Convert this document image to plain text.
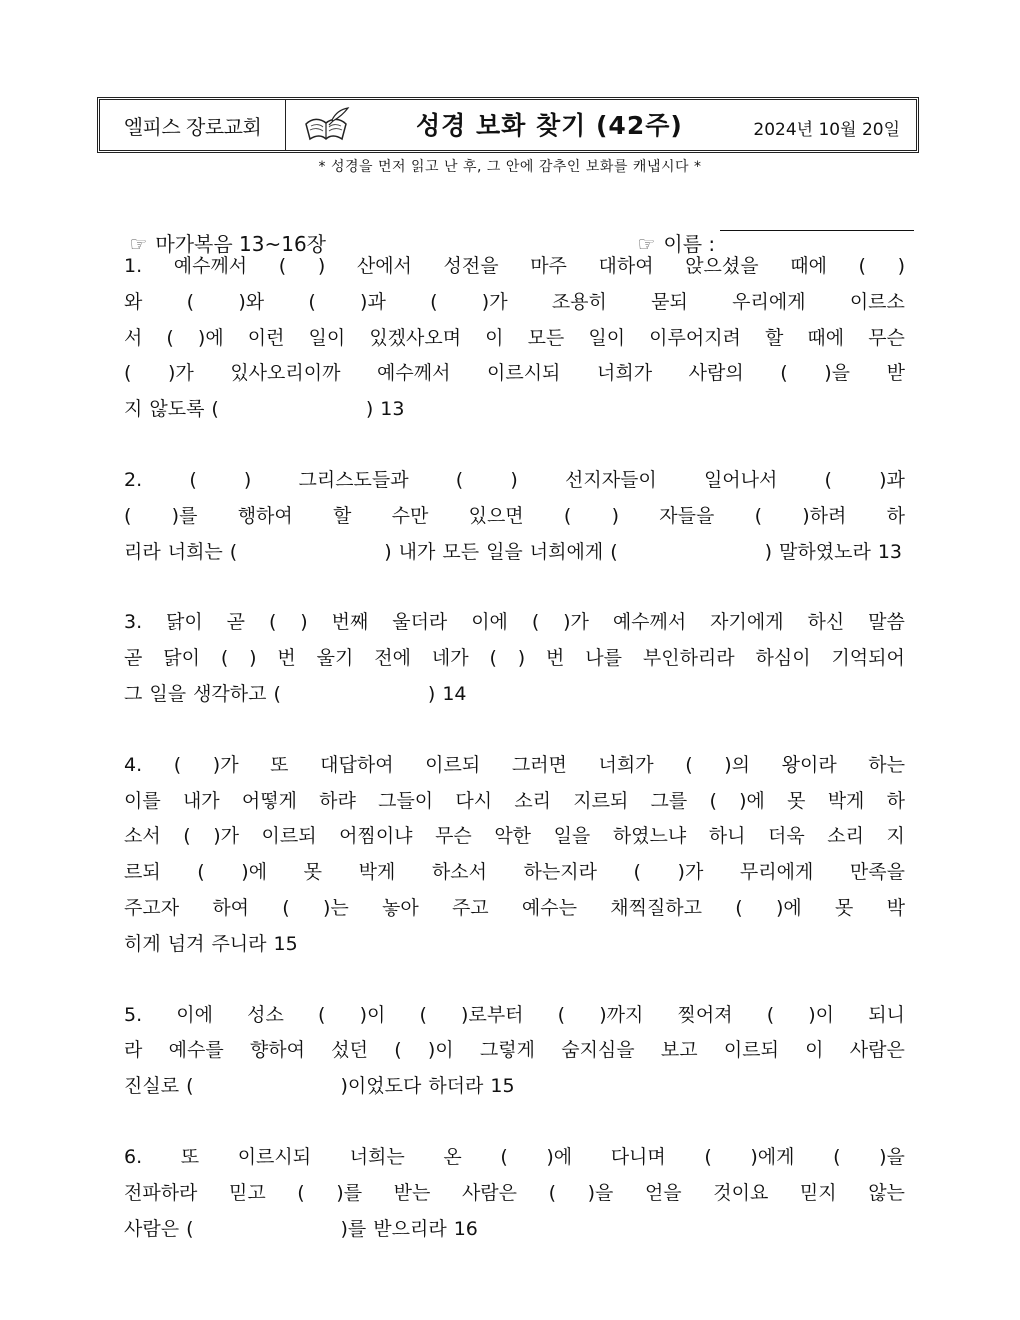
엘피스 장로교회	성경 보화 찾기 (42주)	2024년 10월 20일
* 성경을 먼저 읽고 난 후, 그 안에 감추인 보화를 캐냅시다 *

☞ 마가복음 13~16장
	☞ 이름 :

1. 예수께서 ( ) 산에서 성전을 마주 대하여 앉으셨을 때에 ( )
와 ( )와 ( )과 ( )가 조용히 묻되 우리에게 이르소
서 ( )에 이런 일이 있겠사오며 이 모든 일이 이루어지려 할 때에 무슨
( )가 있사오리이까 예수께서 이르시되 너희가 사람의 ( )을 받
지 않도록 (	) 13
2. ( ) 그리스도들과 ( ) 선지자들이 일어나서 ( )과
( )를 행하여 할 수만 있으면 ( ) 자들을 ( )하려 하
리라 너희는 (	) 내가 모든 일을 너희에게 (	) 말하였노라 13
3. 닭이 곧 ( ) 번째 울더라 이에 ( )가 예수께서 자기에게 하신 말씀
곧 닭이 ( ) 번 울기 전에 네가 ( ) 번 나를 부인하리라 하심이 기억되어
그 일을 생각하고 (	) 14
4. ( )가 또 대답하여 이르되 그러면 너희가 ( )의 왕이라 하는
이를 내가 어떻게 하랴 그들이 다시 소리 지르되 그를 ( )에 못 박게 하
소서 ( )가 이르되 어찜이냐 무슨 악한 일을 하였느냐 하니 더욱 소리 지
르되 ( )에 못 박게 하소서 하는지라 ( )가 무리에게 만족을
주고자 하여 ( )는 놓아 주고 예수는 채찍질하고 ( )에 못 박
히게 넘겨 주니라 15
5. 이에 성소 ( )이 ( )로부터 ( )까지 찢어져 ( )이 되니
라 예수를 향하여 섰던 ( )이 그렇게 숨지심을 보고 이르되 이 사람은
진실로 (	)이었도다 하더라 15
6. 또 이르시되 너희는 온 ( )에 다니며 ( )에게 ( )을
전파하라 믿고 ( )를 받는 사람은 ( )을 얻을 것이요 믿지 않는
사람은 (	)를 받으리라 16
